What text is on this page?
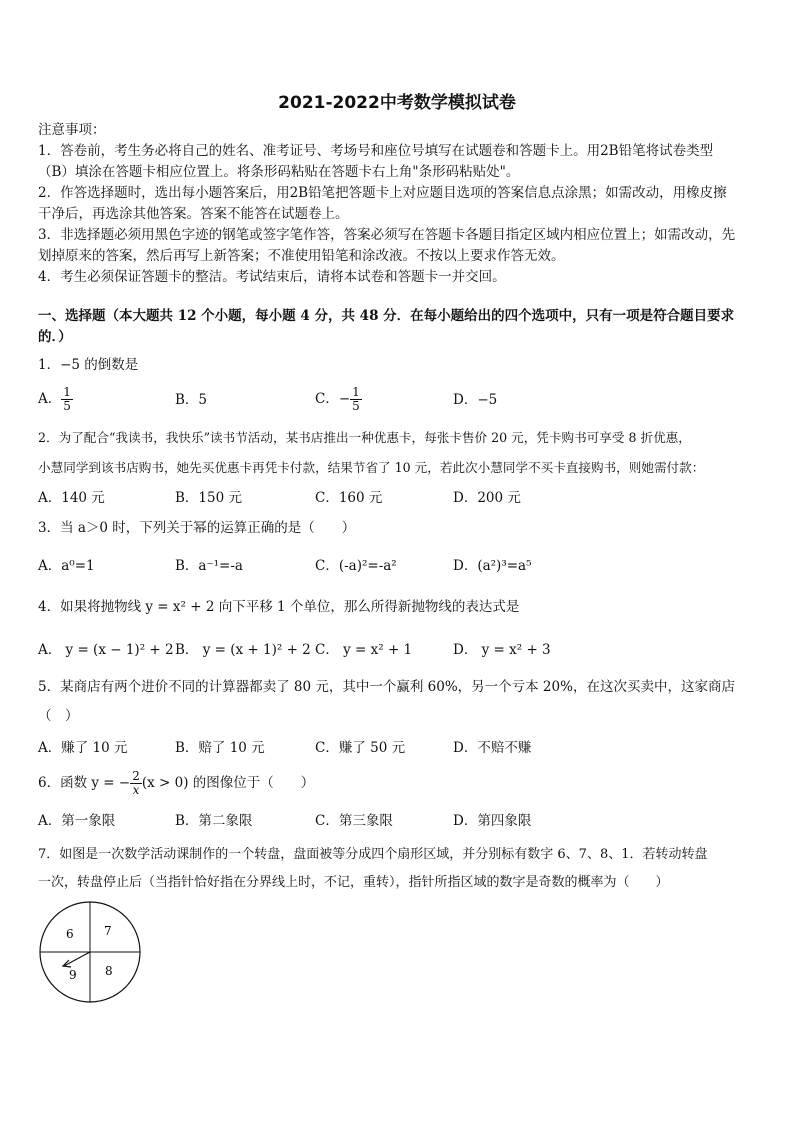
2021-2022中考数学模拟试卷
注意事项：
1．答卷前，考生务必将自己的姓名、准考证号、考场号和座位号填写在试题卷和答题卡上。用2B铅笔将试卷类型
（B）填涂在答题卡相应位置上。将条形码粘贴在答题卡右上角"条形码粘贴处"。
2．作答选择题时，选出每小题答案后，用2B铅笔把答题卡上对应题目选项的答案信息点涂黑；如需改动，用橡皮擦
干净后，再选涂其他答案。答案不能答在试题卷上。
3．非选择题必须用黑色字迹的钢笔或签字笔作答，答案必须写在答题卡各题目指定区域内相应位置上；如需改动，先
划掉原来的答案，然后再写上新答案；不准使用铅笔和涂改液。不按以上要求作答无效。
4．考生必须保证答题卡的整洁。考试结束后，请将本试卷和答题卡一并交回。
一、选择题（本大题共 12 个小题，每小题 4 分，共 48 分．在每小题给出的四个选项中，只有一项是符合题目要求
的．）
1．−5 的倒数是
A． $\frac{1}{5}$	B．5	C．− $\frac{1}{5}$	D．−5
2．为了配合“我读书，我快乐”读书节活动，某书店推出一种优惠卡，每张卡售价 20 元，凭卡购书可享受 8 折优惠，
小慧同学到该书店购书，她先买优惠卡再凭卡付款，结果节省了 10 元，若此次小慧同学不买卡直接购书，则她需付款：
A．140 元	B．150 元	C．160 元	D．200 元
3．当 a＞0 时，下列关于幂的运算正确的是（　　）
A．a⁰=1	B．a⁻¹=-a	C．(-a)²=-a²	D．(a²)³=a⁵
4．如果将抛物线 y = x² + 2 向下平移 1 个单位，那么所得新抛物线的表达式是
A． y = (x − 1)² + 2 B． y = (x + 1)² + 2 C． y = x² + 1	D． y = x² + 3
5．某商店有两个进价不同的计算器都卖了 80 元，其中一个赢利 60%，另一个亏本 20%，在这次买卖中，这家商店
（　）
A．赚了 10 元	B．赔了 10 元	C．赚了 50 元	D．不赔不赚
6．函数 y = − $\frac{2}{x} (x > 0)$ 的图像位于（　　）
A．第一象限	B．第二象限	C．第三象限	D．第四象限
7．如图是一次数学活动课制作的一个转盘，盘面被等分成四个扇形区域，并分别标有数字 6、7、8、1．若转动转盘
一次，转盘停止后（当指针恰好指在分界线上时，不记，重转），指针所指区域的数字是奇数的概率为（　　）
6	7
9 8
